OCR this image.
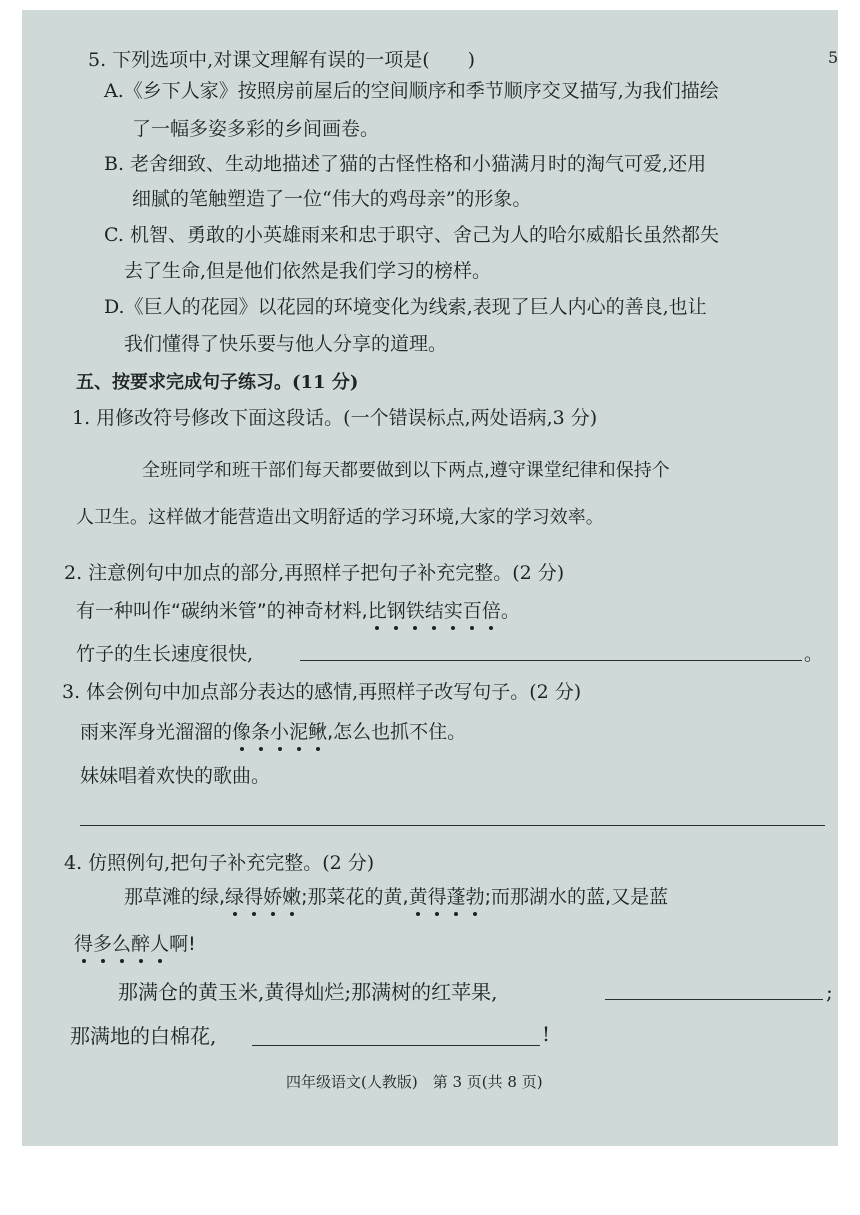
5
5. 下列选项中,对课文理解有误的一项是(　　)
A.《乡下人家》按照房前屋后的空间顺序和季节顺序交叉描写,为我们描绘
了一幅多姿多彩的乡间画卷。
B. 老舍细致、生动地描述了猫的古怪性格和小猫满月时的淘气可爱,还用
细腻的笔触塑造了一位“伟大的鸡母亲”的形象。
C. 机智、勇敢的小英雄雨来和忠于职守、舍己为人的哈尔威船长虽然都失
去了生命,但是他们依然是我们学习的榜样。
D.《巨人的花园》以花园的环境变化为线索,表现了巨人内心的善良,也让
我们懂得了快乐要与他人分享的道理。
五、按要求完成句子练习。(11 分)
1. 用修改符号修改下面这段话。(一个错误标点,两处语病,3 分)
全班同学和班干部们每天都要做到以下两点,遵守课堂纪律和保持个
人卫生。这样做才能营造出文明舒适的学习环境,大家的学习效率。
2. 注意例句中加点的部分,再照样子把句子补充完整。(2 分)
有一种叫作“碳纳米管”的神奇材料,比钢铁结实百倍。
竹子的生长速度很快,	。
3. 体会例句中加点部分表达的感情,再照样子改写句子。(2 分)
雨来浑身光溜溜的像条小泥鳅,怎么也抓不住。
妹妹唱着欢快的歌曲。
4. 仿照例句,把句子补充完整。(2 分)
那草滩的绿,绿得娇嫩;那菜花的黄,黄得蓬勃;而那湖水的蓝,又是蓝
得多么醉人啊!
那满仓的黄玉米,黄得灿烂;那满树的红苹果,	;
那满地的白棉花,	!
四年级语文(人教版)　第 3 页(共 8 页)
